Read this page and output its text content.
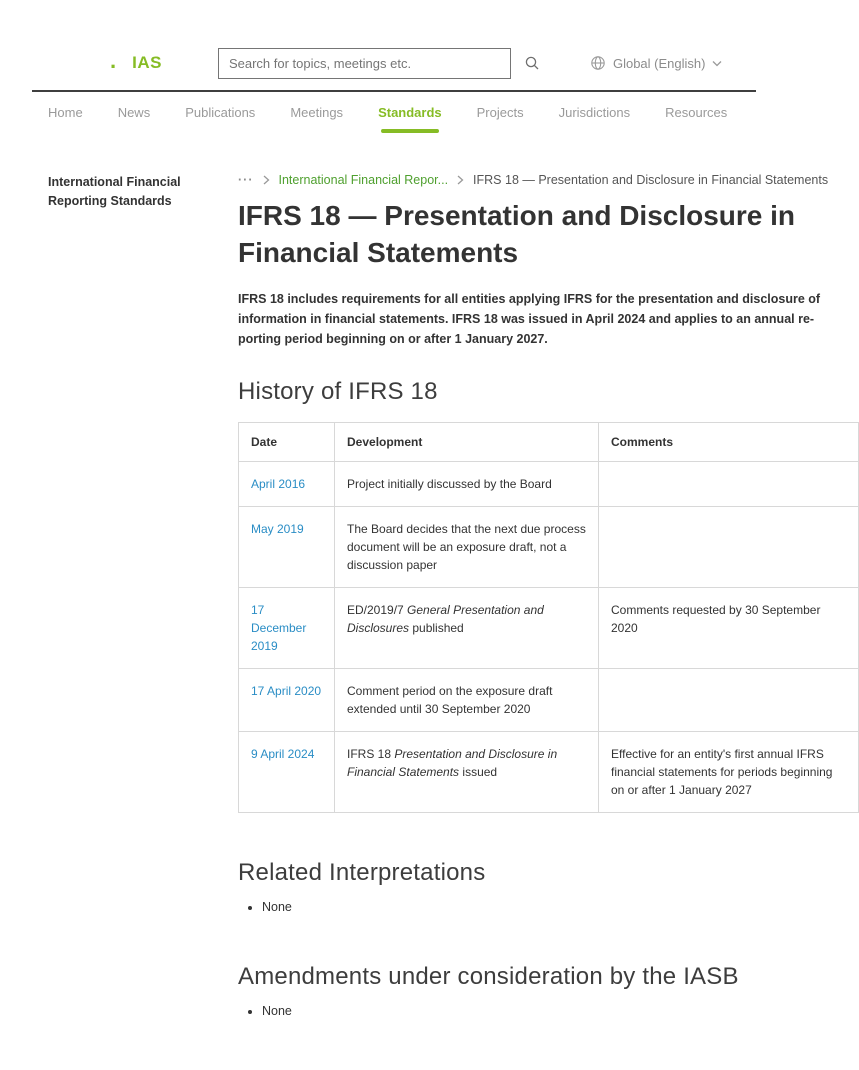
. IAS
Search for topics, meetings etc.	Global (English)
Home	News	Publications	Meetings	Standards	Projects	Jurisdictions	Resources
International Financial Reporting Standards
··· International Financial Repor... IFRS 18 — Presentation and Disclosure in Financial Statements
IFRS 18 — Presentation and Disclosure in
Financial Statements

IFRS 18 includes requirements for all entities applying IFRS for the presentation and disclosure of
information in financial statements. IFRS 18 was issued in April 2024 and applies to an annual re-
porting period beginning on or after 1 January 2027.

History of IFRS 18
Date	Development	Comments
April 2016	Project initially discussed by the Board	
May 2019	The Board decides that the next due process document will be an exposure draft, not a discussion paper	
17 December 2019	ED/2019/7 General Presentation and Disclosures published	Comments requested by 30 September 2020
17 April 2020	Comment period on the exposure draft extended until 30 September 2020	
9 April 2024	IFRS 18 Presentation and Disclosure in Financial Statements issued	Effective for an entity's first annual IFRS financial statements for periods beginning on or after 1 January 2027
Related Interpretations
• None
Amendments under consideration by the IASB
• None
